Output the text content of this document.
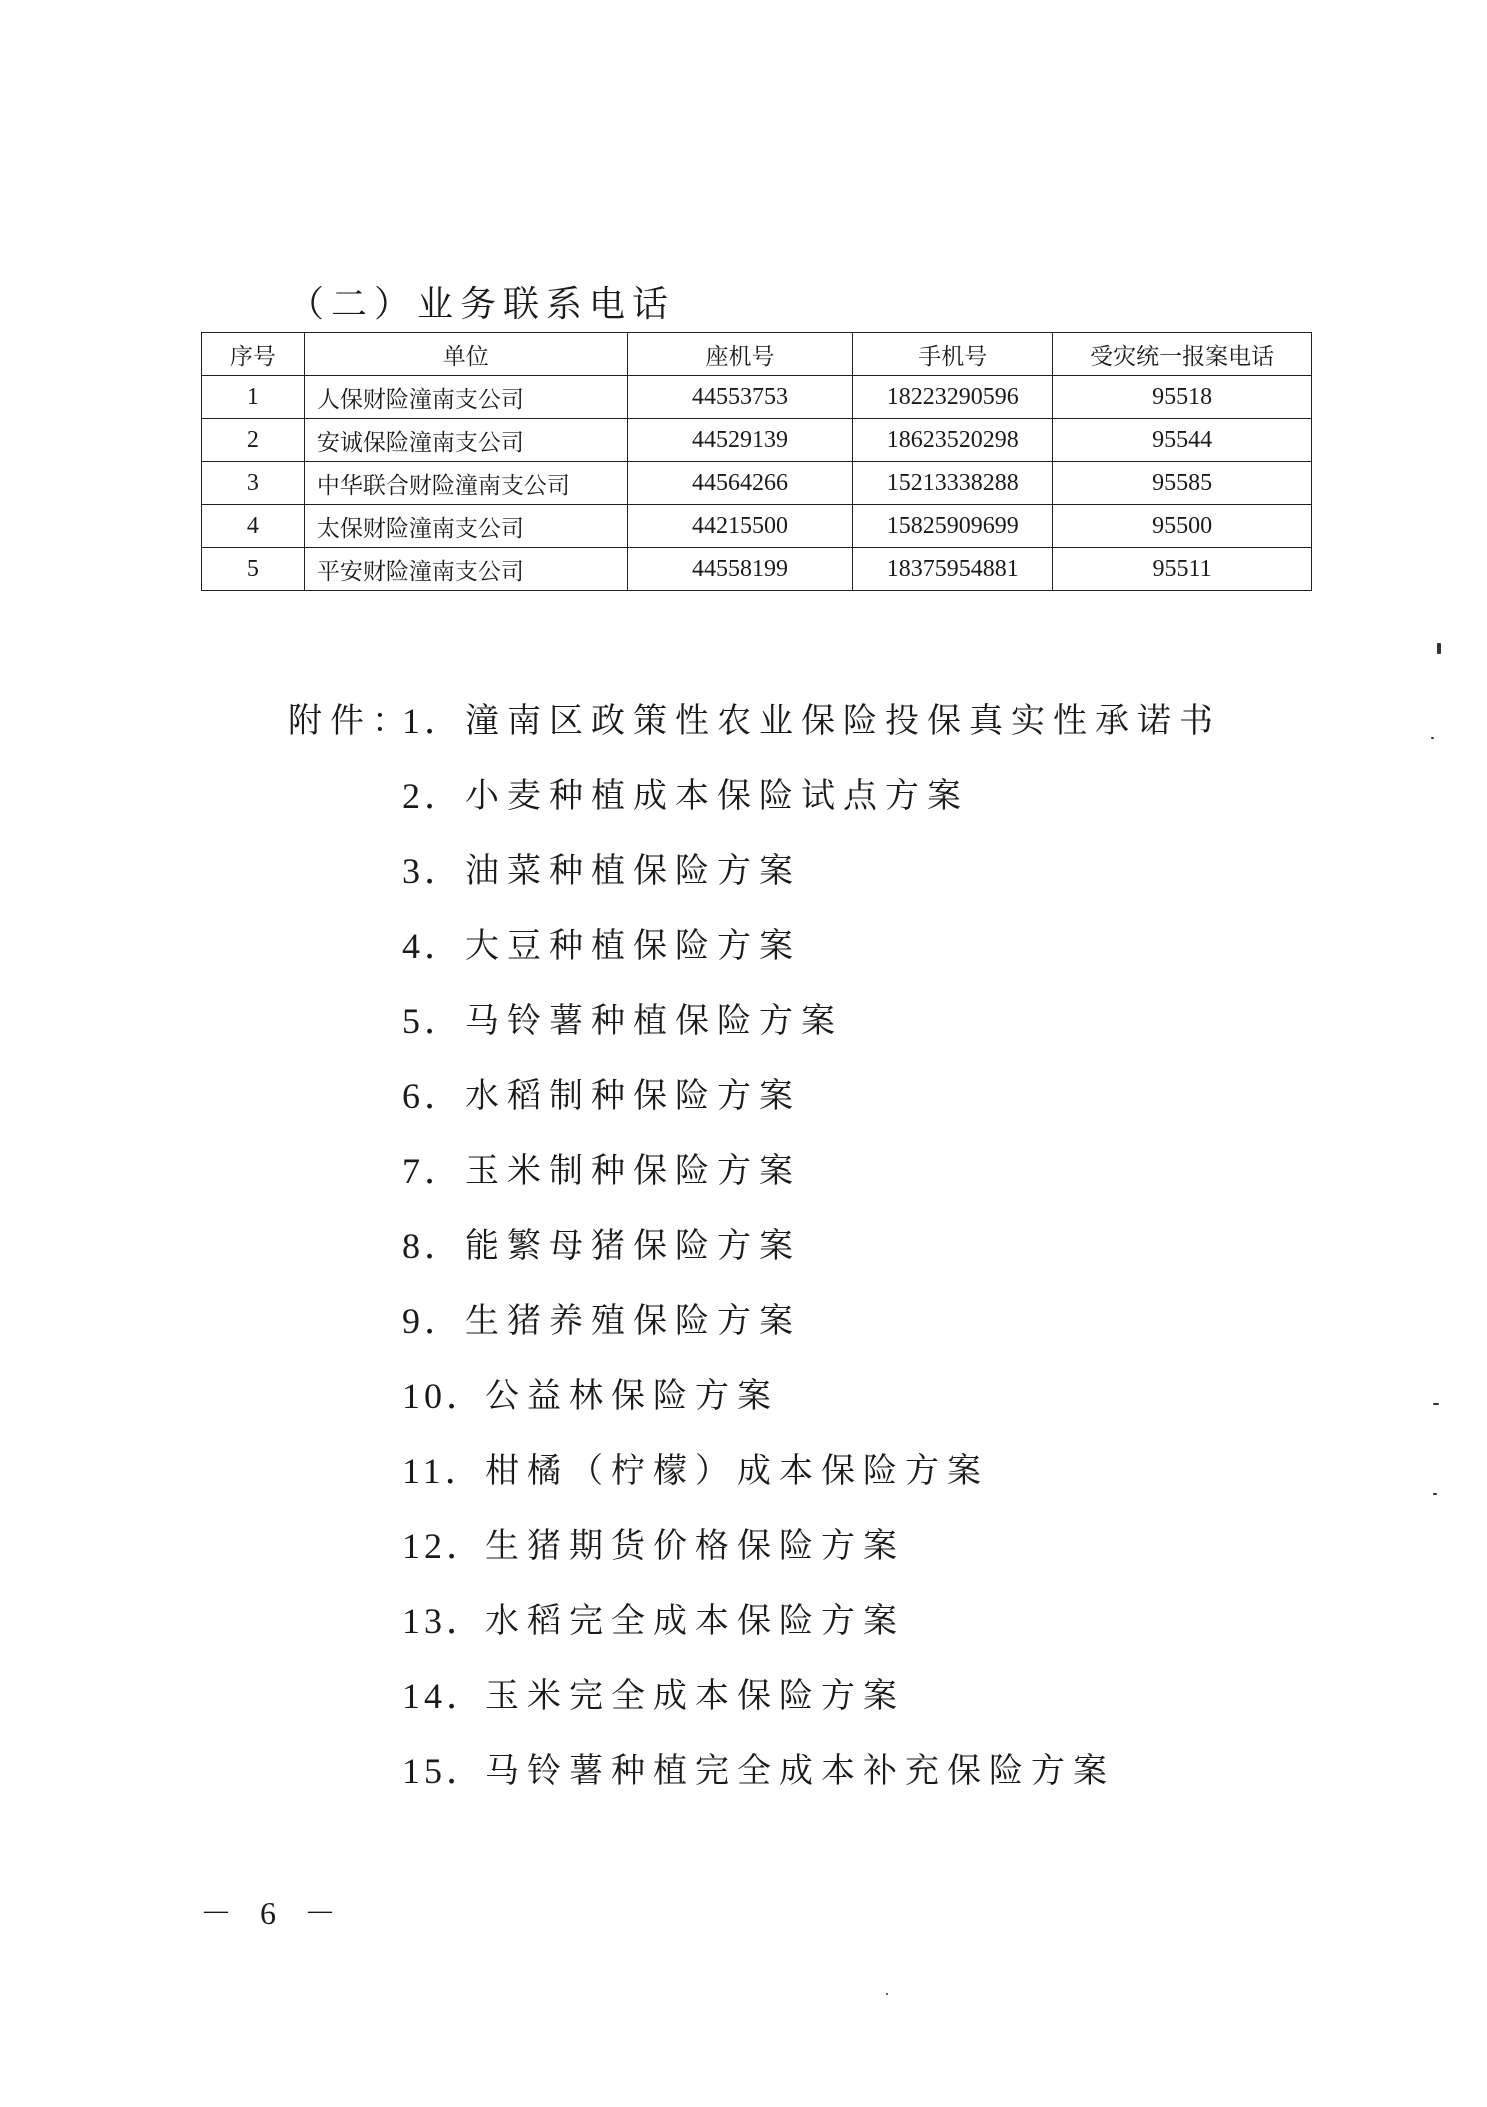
（二）业务联系电话
序号	单位	座机号	手机号	受灾统一报案电话
1	人保财险潼南支公司	44553753	18223290596	95518
2	安诚保险潼南支公司	44529139	18623520298	95544
3	中华联合财险潼南支公司	44564266	15213338288	95585
4	太保财险潼南支公司	44215500	15825909699	95500
5	平安财险潼南支公司	44558199	18375954881	95511
附件：
1． 潼南区政策性农业保险投保真实性承诺书
2． 小麦种植成本保险试点方案
3． 油菜种植保险方案
4． 大豆种植保险方案
5． 马铃薯种植保险方案
6． 水稻制种保险方案
7． 玉米制种保险方案
8． 能繁母猪保险方案
9． 生猪养殖保险方案
10．
公益林保险方案
11． 柑橘（柠檬）成本保险方案
12．
生猪期货价格保险方案
13．
水稻完全成本保险方案
14．
玉米完全成本保险方案
15．
马铃薯种植完全成本补充保险方案
－ 6 －
